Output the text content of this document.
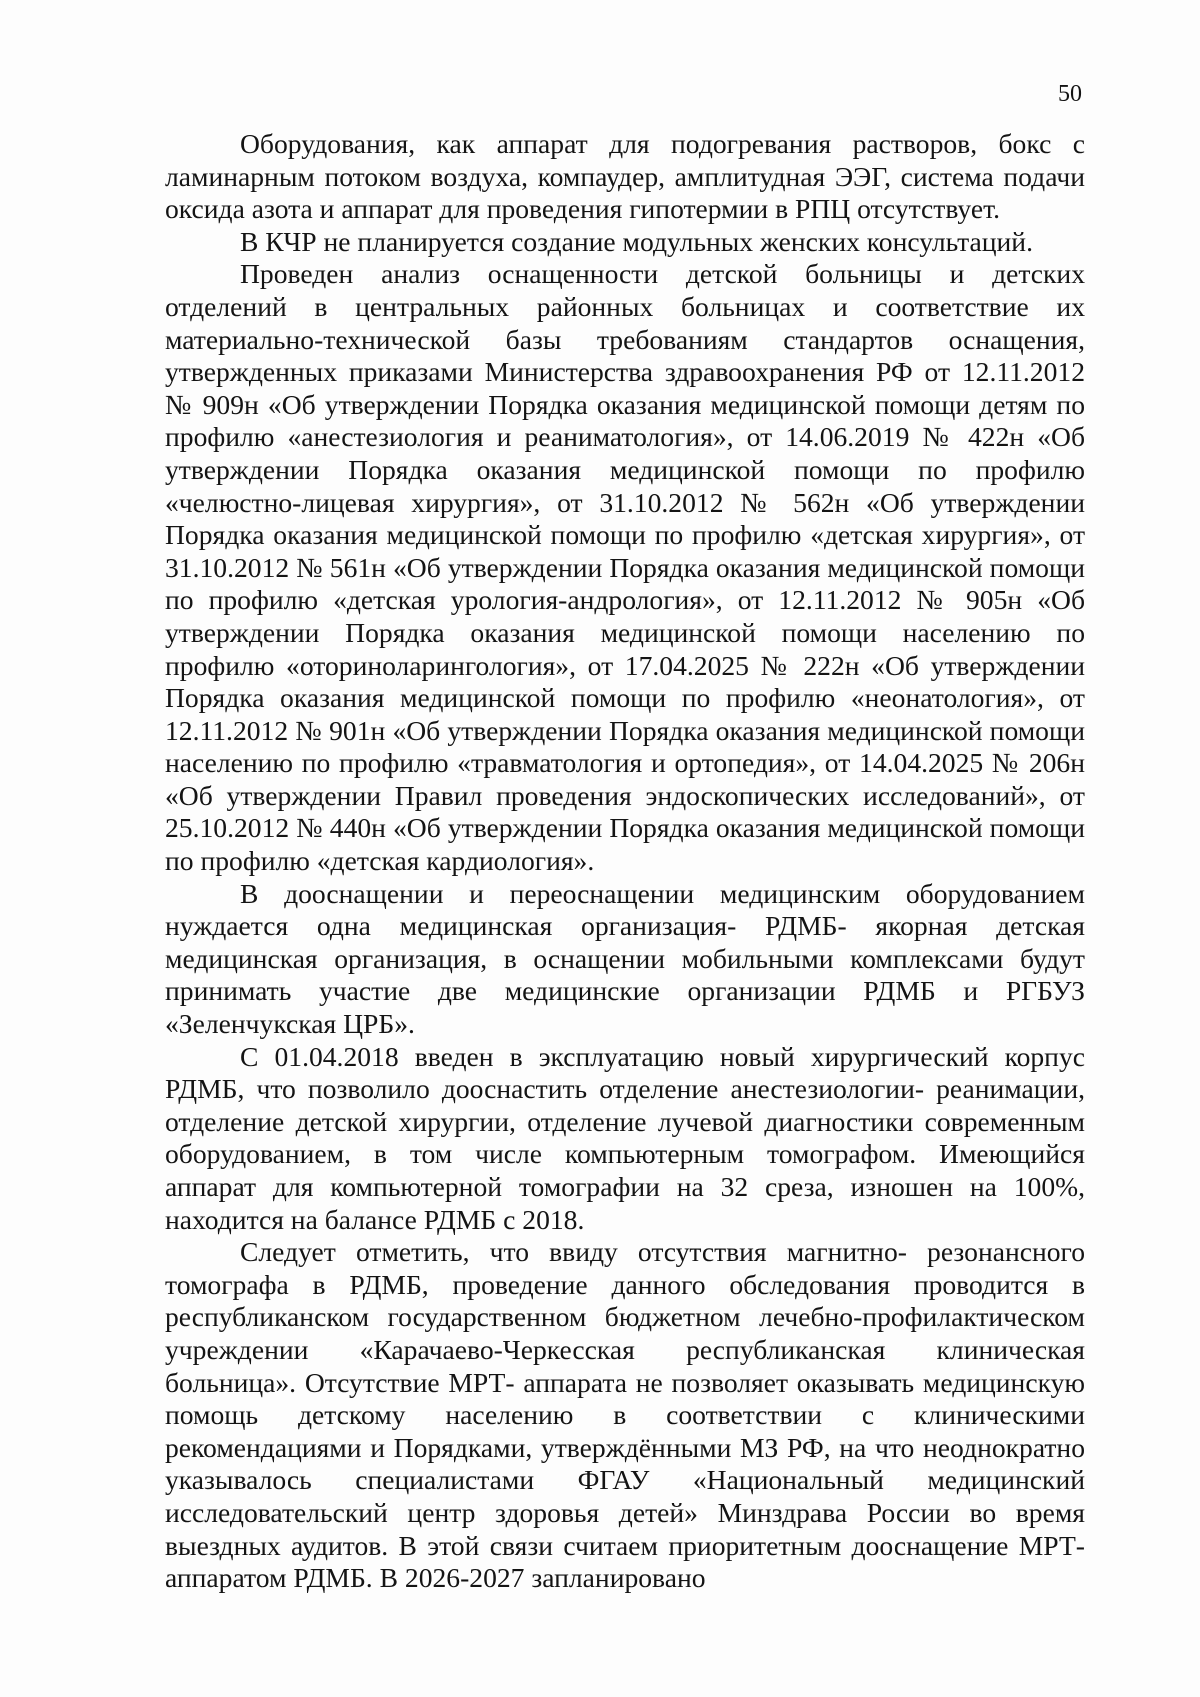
50

Оборудования, как аппарат для подогревания растворов, бокс с ламинарным потоком воздуха, компаудер, амплитудная ЭЭГ, система подачи оксида азота и аппарат для проведения гипотермии в РПЦ отсутствует.

В КЧР не планируется создание модульных женских консультаций.

Проведен анализ оснащенности детской больницы и детских отделений в центральных районных больницах и соответствие их материально-технической базы требованиям стандартов оснащения, утвержденных приказами Министерства здравоохранения РФ от 12.11.2012 № 909н «Об утверждении Порядка оказания медицинской помощи детям по профилю «анестезиология и реаниматология», от 14.06.2019 № 422н «Об утверждении Порядка оказания медицинской помощи по профилю «челюстно-лицевая хирургия», от 31.10.2012 № 562н «Об утверждении Порядка оказания медицинской помощи по профилю «детская хирургия», от 31.10.2012 № 561н «Об утверждении Порядка оказания медицинской помощи по профилю «детская урология-андрология», от 12.11.2012 № 905н «Об утверждении Порядка оказания медицинской помощи населению по профилю «оториноларингология», от 17.04.2025 № 222н «Об утверждении Порядка оказания медицинской помощи по профилю «неонатология», от 12.11.2012 № 901н «Об утверждении Порядка оказания медицинской помощи населению по профилю «травматология и ортопедия», от 14.04.2025 № 206н «Об утверждении Правил проведения эндоскопических исследований», от 25.10.2012 № 440н «Об утверждении Порядка оказания медицинской помощи по профилю «детская кардиология».

В дооснащении и переоснащении медицинским оборудованием нуждается одна медицинская организация- РДМБ- якорная детская медицинская организация, в оснащении мобильными комплексами будут принимать участие две медицинские организации РДМБ и РГБУЗ «Зеленчукская ЦРБ».

С 01.04.2018 введен в эксплуатацию новый хирургический корпус РДМБ, что позволило дооснастить отделение анестезиологии- реанимации, отделение детской хирургии, отделение лучевой диагностики современным оборудованием, в том числе компьютерным томографом. Имеющийся аппарат для компьютерной томографии на 32 среза, изношен на 100%, находится на балансе РДМБ с 2018.

Следует отметить, что ввиду отсутствия магнитно- резонансного томографа в РДМБ, проведение данного обследования проводится в республиканском государственном бюджетном лечебно-профилактическом учреждении «Карачаево-Черкесская республиканская клиническая больница». Отсутствие МРТ- аппарата не позволяет оказывать медицинскую помощь детскому населению в соответствии с клиническими рекомендациями и Порядками, утверждёнными МЗ РФ, на что неоднократно указывалось специалистами ФГАУ «Национальный медицинский исследовательский центр здоровья детей» Минздрава России во время выездных аудитов. В этой связи считаем приоритетным дооснащение МРТ- аппаратом РДМБ. В 2026-2027 запланировано
